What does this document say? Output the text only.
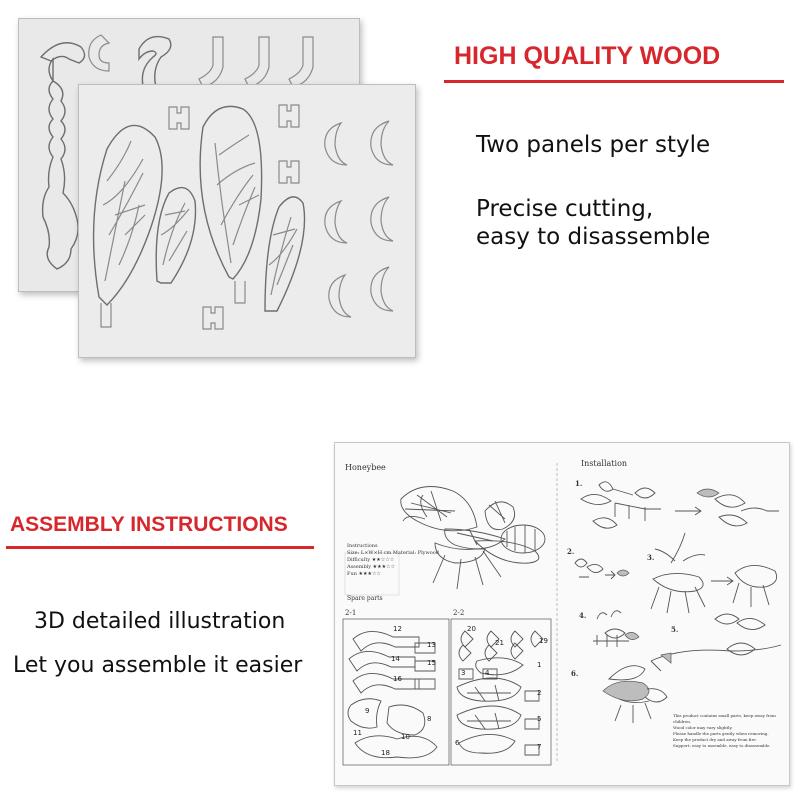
HIGH QUALITY WOOD
Two panels per style
Precise cutting,
easy to disassemble
ASSEMBLY INSTRUCTIONS
3D detailed illustration
Let you assemble it easier
Honeybee	Installation
Instructions
Size: L×W×H cm Material: Plywood
Difficulty ★★☆☆☆
Assembly ★★★☆☆
Fun ★★★☆☆
Spare parts
2-1	2-2
1.
2.
3.
4.
5.
6.
12
13
14	15
16
9
8
11	10
18
20
21	19
1
2
3	4
5
6	7
This product contains small parts, keep away from children.
Wood color may vary slightly.
Please handle the parts gently when removing.
Keep the product dry and away from fire.
Support: easy to assemble, easy to disassemble.
